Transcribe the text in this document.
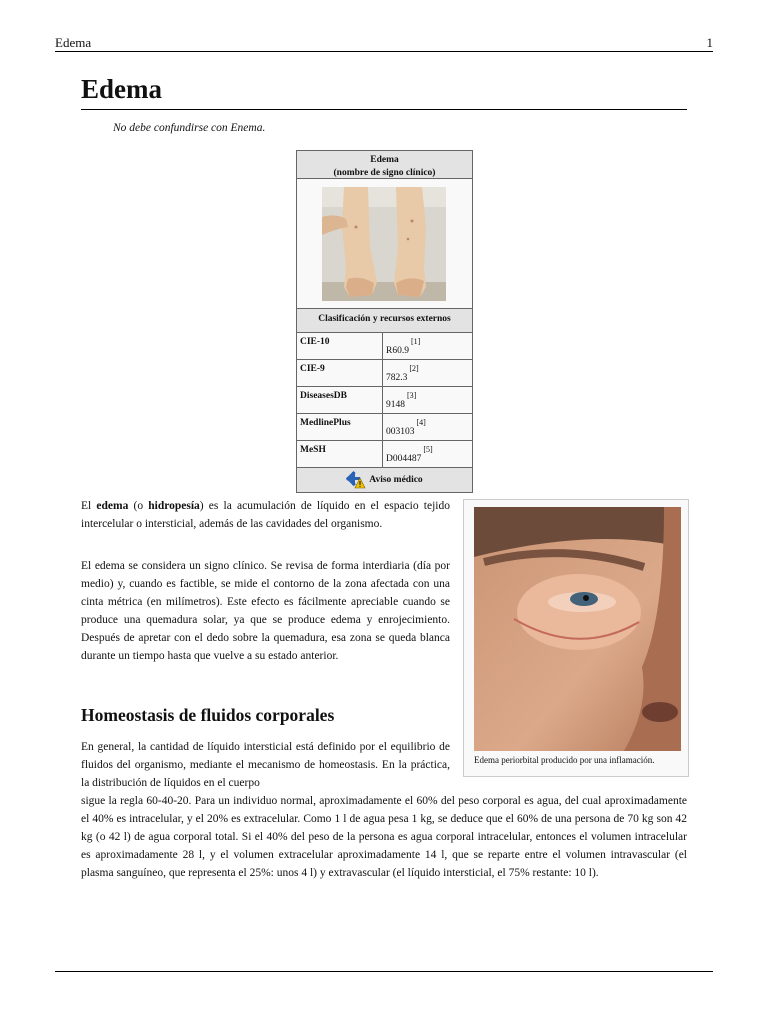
Edema	1
Edema
No debe confundirse con Enema.
Edema
(nombre de signo clínico)
Clasificación y recursos externos
CIE-10
R60.9[1]
CIE-9
782.3[2]
DiseasesDB
9148[3]
MedlinePlus
003103[4]
MeSH
D004487[5]
Aviso médico

El edema (o hidropesía) es la acumulación de líquido en el espacio tejido intercelular o intersticial, además de las cavidades del organismo.

El edema se considera un signo clínico. Se revisa de forma interdiaria (día por medio) y, cuando es factible, se mide el contorno de la zona afectada con una cinta métrica (en milímetros). Este efecto es fácilmente apreciable cuando se produce una quemadura solar, ya que se produce edema y enrojecimiento. Después de apretar con el dedo sobre la quemadura, esa zona se queda blanca durante un tiempo hasta que vuelve a su estado anterior.

Homeostasis de fluidos corporales

En general, la cantidad de líquido intersticial está definido por el equilibrio de fluidos del organismo, mediante el mecanismo de homeostasis. En la práctica, la distribución de líquidos en el cuerpo

sigue la regla 60-40-20. Para un individuo normal, aproximadamente el 60% del peso corporal es agua, del cual aproximadamente el 40% es intracelular, y el 20% es extracelular. Como 1 l de agua pesa 1 kg, se deduce que el 60% de una persona de 70 kg son 42 kg (o 42 l) de agua corporal total. Si el 40% del peso de la persona es agua corporal intracelular, entonces el volumen intracelular es aproximadamente 28 l, y el volumen extracelular aproximadamente 14 l, que se reparte entre el volumen intravascular (el plasma sanguíneo, que representa el 25%: unos 4 l) y extravascular (el líquido intersticial, el 75% restante: 10 l).

Edema periorbital producido por una inflamación.
